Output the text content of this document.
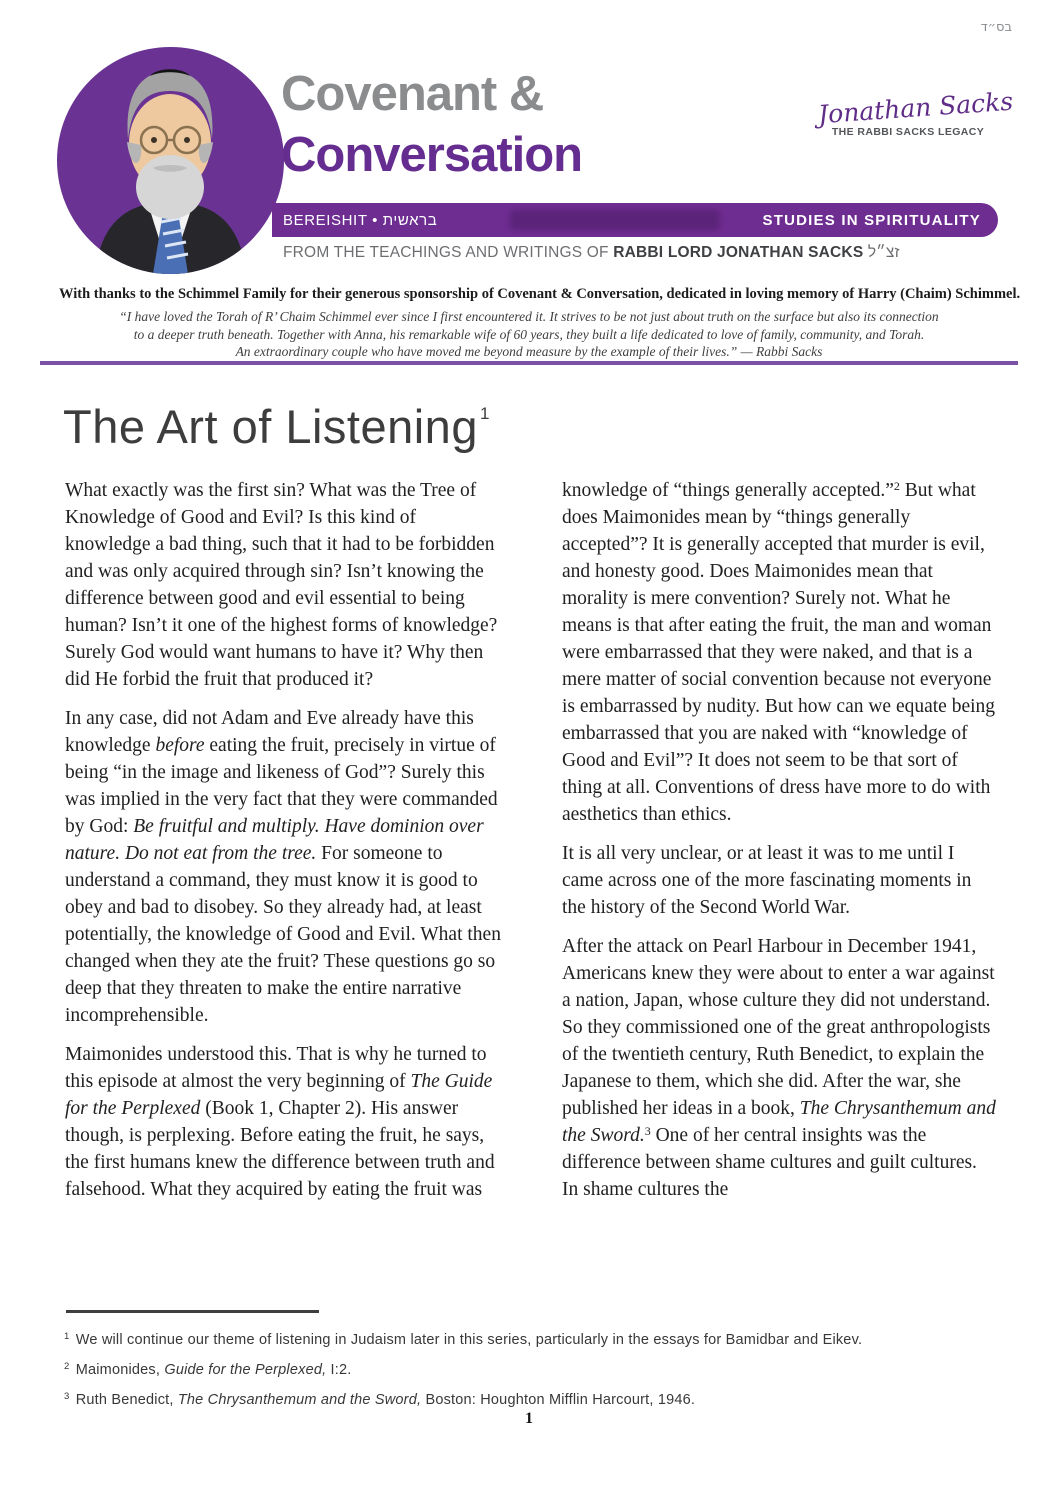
בס״ד
Covenant &
Conversation
Jonathan Sacks
THE RABBI SACKS LEGACY
BEREISHIT • בראשית	STUDIES IN SPIRITUALITY
FROM THE TEACHINGS AND WRITINGS OF RABBI LORD JONATHAN SACKS זצ״ל
With thanks to the Schimmel Family for their generous sponsorship of Covenant & Conversation, dedicated in loving memory of Harry (Chaim) Schimmel.
“I have loved the Torah of R’ Chaim Schimmel ever since I first encountered it. It strives to be not just about truth on the surface but also its connection
to a deeper truth beneath. Together with Anna, his remarkable wife of 60 years, they built a life dedicated to love of family, community, and Torah.
An extraordinary couple who have moved me beyond measure by the example of their lives.” — Rabbi Sacks
The Art of Listening $^1$

What exactly was the first sin? What was the Tree of Knowledge of Good and Evil? Is this kind of knowledge a bad thing, such that it had to be forbidden and was only acquired through sin? Isn’t knowing the difference between good and evil essential to being human? Isn’t it one of the highest forms of knowledge? Surely God would want humans to have it? Why then did He forbid the fruit that produced it?

In any case, did not Adam and Eve already have this knowledge before eating the fruit, precisely in virtue of being “in the image and likeness of God”? Surely this was implied in the very fact that they were commanded by God: Be fruitful and multiply. Have dominion over nature. Do not eat from the tree. For someone to understand a command, they must know it is good to obey and bad to disobey. So they already had, at least potentially, the knowledge of Good and Evil. What then changed when they ate the fruit? These questions go so deep that they threaten to make the entire narrative incomprehensible.

Maimonides understood this. That is why he turned to this episode at almost the very beginning of The Guide for the Perplexed (Book 1, Chapter 2). His answer though, is perplexing. Before eating the fruit, he says, the first humans knew the difference between truth and falsehood. What they acquired by eating the fruit was

knowledge of “things generally accepted.”$^2$ But what does Maimonides mean by “things generally accepted”? It is generally accepted that murder is evil, and honesty good. Does Maimonides mean that morality is mere convention? Surely not. What he means is that after eating the fruit, the man and woman were embarrassed that they were naked, and that is a mere matter of social convention because not everyone is embarrassed by nudity. But how can we equate being embarrassed that you are naked with “knowledge of Good and Evil”? It does not seem to be that sort of thing at all. Conventions of dress have more to do with aesthetics than ethics.

It is all very unclear, or at least it was to me until I came across one of the more fascinating moments in the history of the Second World War.

After the attack on Pearl Harbour in December 1941, Americans knew they were about to enter a war against a nation, Japan, whose culture they did not understand. So they commissioned one of the great anthropologists of the twentieth century, Ruth Benedict, to explain the Japanese to them, which she did. After the war, she published her ideas in a book, The Chrysanthemum and the Sword.$^3$ One of her central insights was the difference between shame cultures and guilt cultures. In shame cultures the

$^1$ We will continue our theme of listening in Judaism later in this series, particularly in the essays for Bamidbar and Eikev.
$^2$ Maimonides, Guide for the Perplexed, I:2.
$^3$ Ruth Benedict, The Chrysanthemum and the Sword, Boston: Houghton Mifflin Harcourt, 1946.
1
